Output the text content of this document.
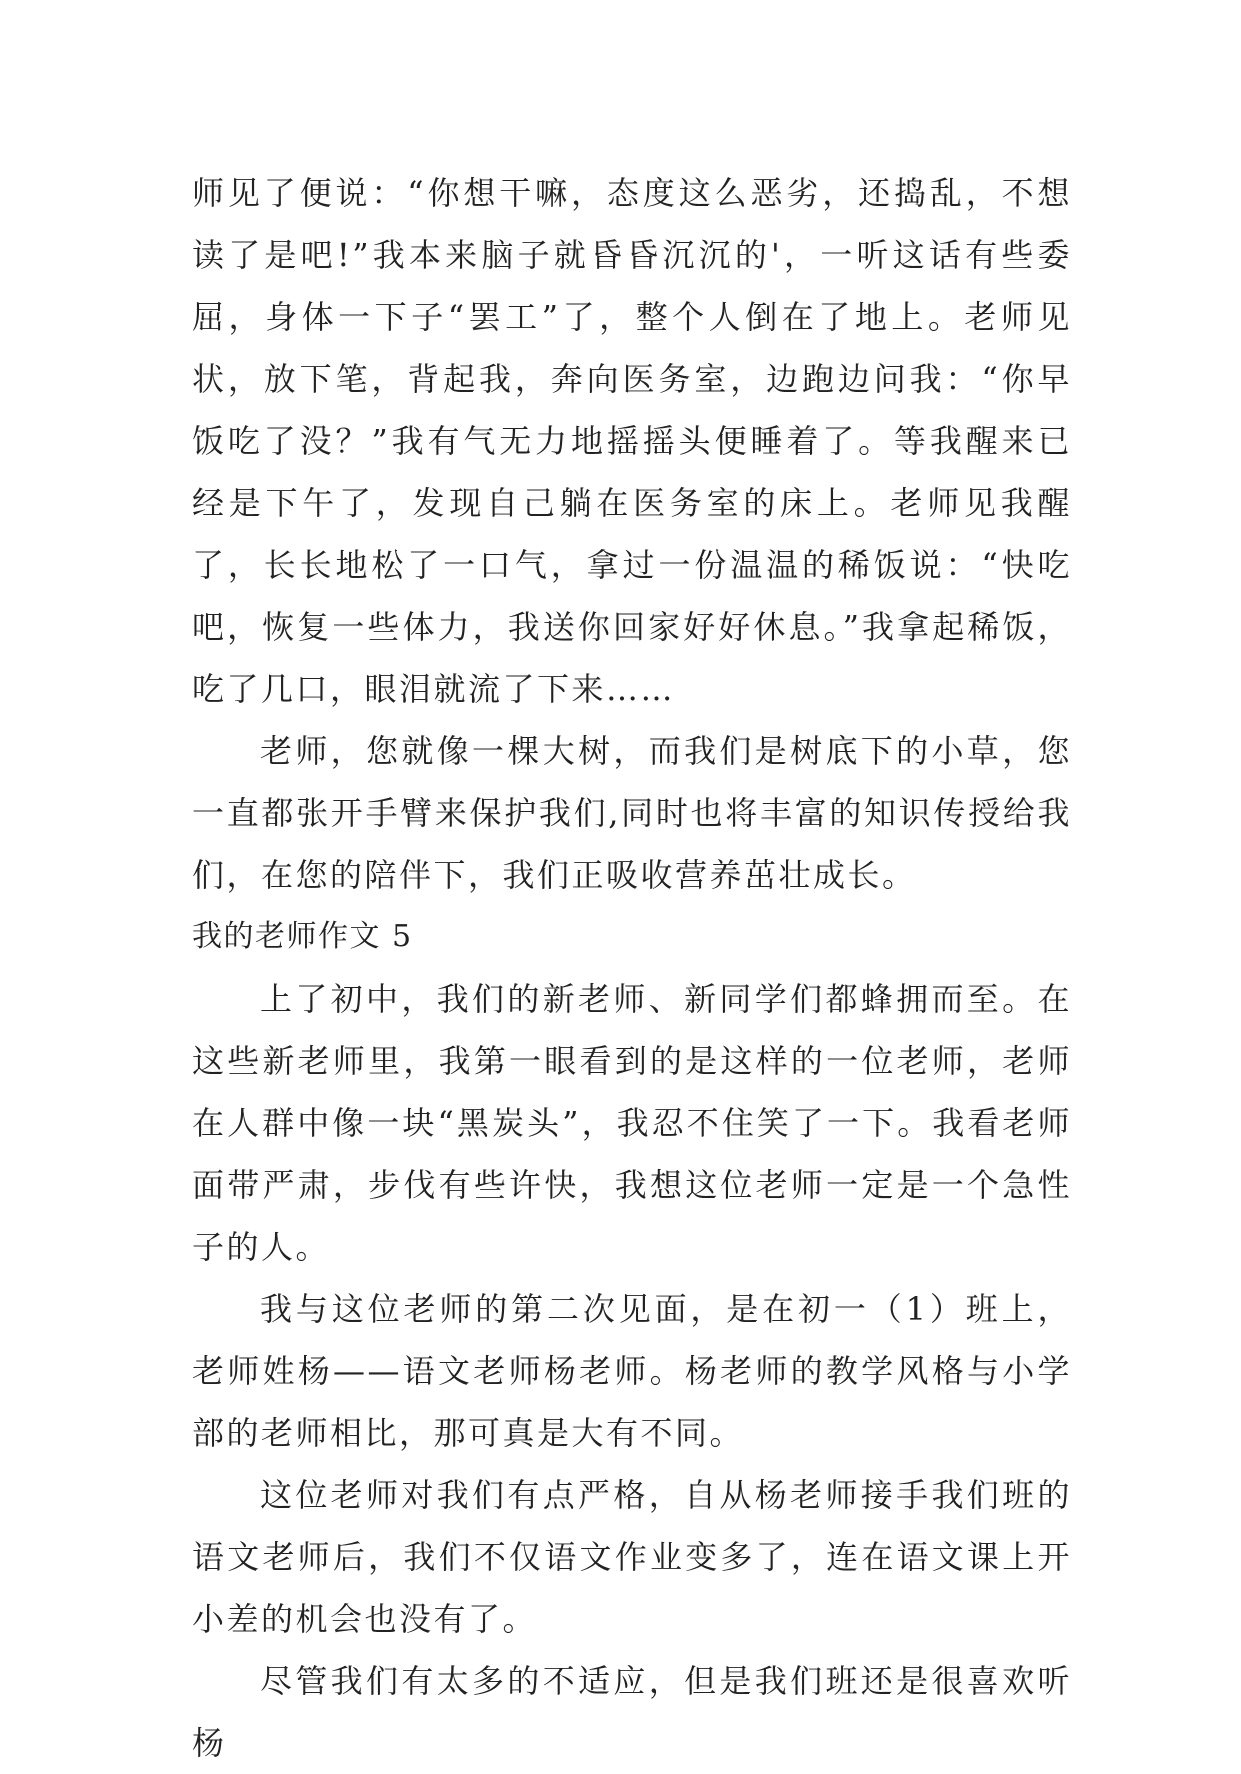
师见了便说：“你想干嘛，态度这么恶劣，还捣乱，不想读了是吧!”我本来脑子就昏昏沉沉的'，一听这话有些委屈，身体一下子“罢工”了，整个人倒在了地上。老师见状，放下笔，背起我，奔向医务室，边跑边问我：“你早饭吃了没？”我有气无力地摇摇头便睡着了。等我醒来已经是下午了，发现自己躺在医务室的床上。老师见我醒了，长长地松了一口气，拿过一份温温的稀饭说：“快吃吧，恢复一些体力，我送你回家好好休息。”我拿起稀饭，吃了几口，眼泪就流了下来……

老师，您就像一棵大树，而我们是树底下的小草，您一直都张开手臂来保护我们,同时也将丰富的知识传授给我们，在您的陪伴下，我们正吸收营养茁壮成长。

我的老师作文 5

上了初中，我们的新老师、新同学们都蜂拥而至。在这些新老师里，我第一眼看到的是这样的一位老师，老师在人群中像一块“黑炭头”，我忍不住笑了一下。我看老师面带严肃，步伐有些许快，我想这位老师一定是一个急性子的人。

我与这位老师的第二次见面，是在初一（1）班上，老师姓杨——语文老师杨老师。杨老师的教学风格与小学部的老师相比，那可真是大有不同。

这位老师对我们有点严格，自从杨老师接手我们班的语文老师后，我们不仅语文作业变多了，连在语文课上开小差的机会也没有了。

尽管我们有太多的不适应，但是我们班还是很喜欢听杨
